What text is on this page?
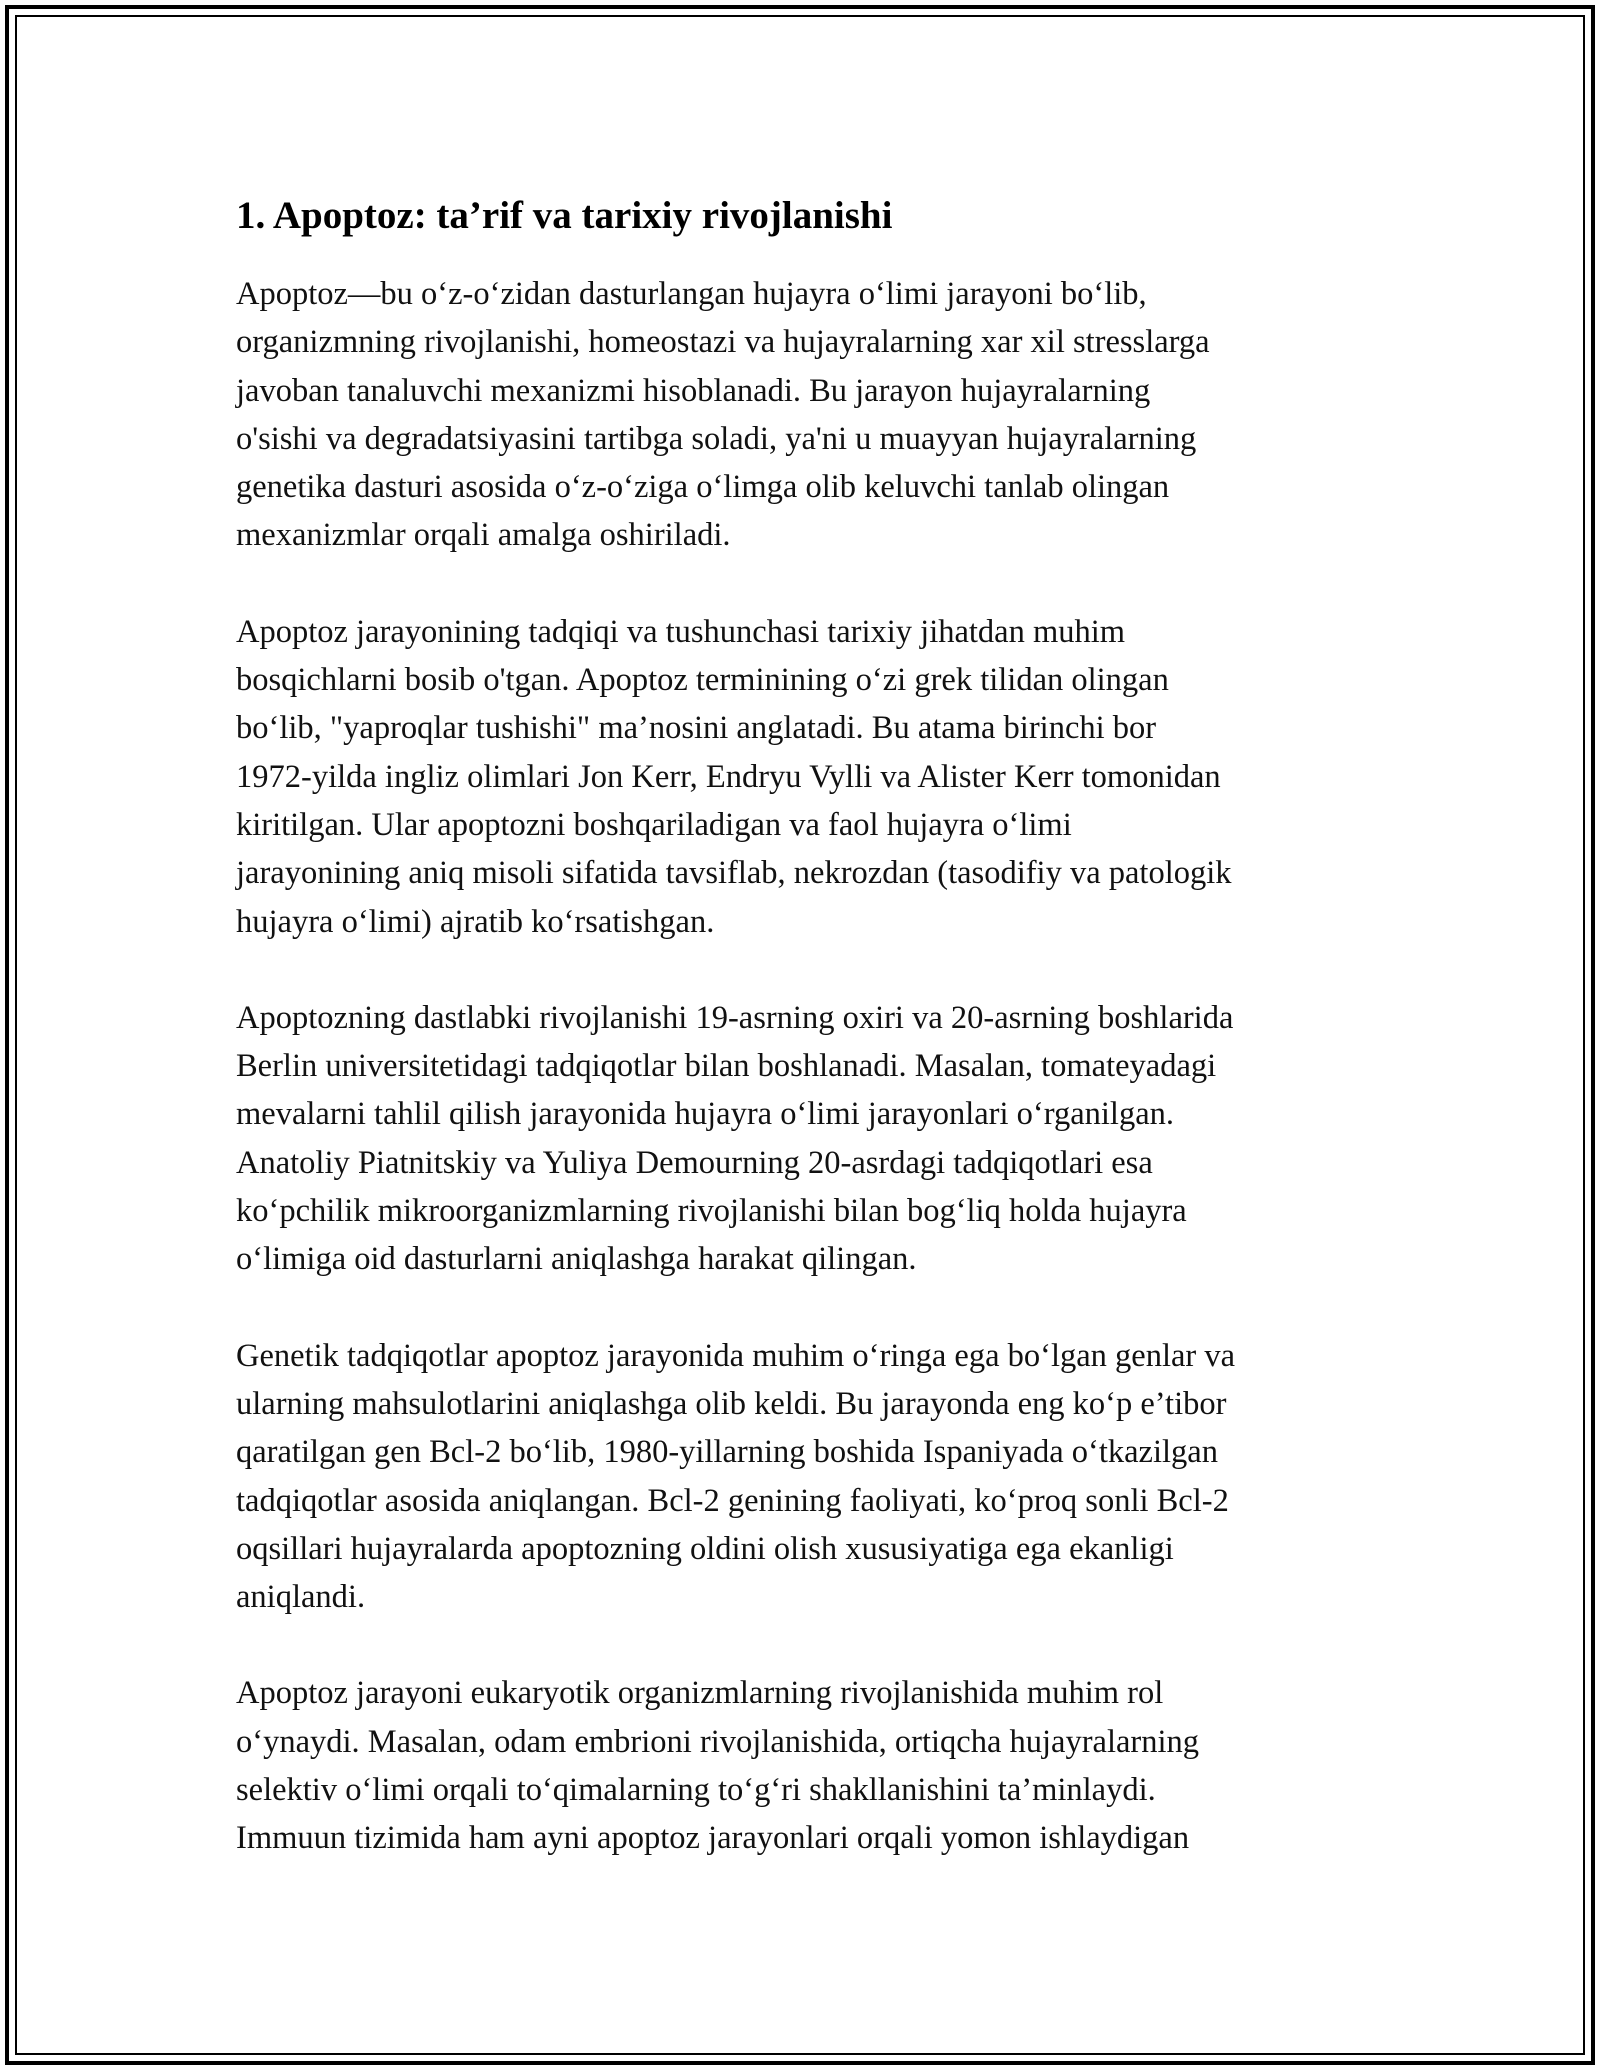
1. Apoptoz: ta’rif va tarixiy rivojlanishi

Apoptoz—bu o‘z-o‘zidan dasturlangan hujayra o‘limi jarayoni bo‘lib,
organizmning rivojlanishi, homeostazi va hujayralarning xar xil stresslarga
javoban tanaluvchi mexanizmi hisoblanadi. Bu jarayon hujayralarning
o'sishi va degradatsiyasini tartibga soladi, ya'ni u muayyan hujayralarning
genetika dasturi asosida o‘z-o‘ziga o‘limga olib keluvchi tanlab olingan
mexanizmlar orqali amalga oshiriladi.

Apoptoz jarayonining tadqiqi va tushunchasi tarixiy jihatdan muhim
bosqichlarni bosib o'tgan. Apoptoz terminining o‘zi grek tilidan olingan
bo‘lib, "yaproqlar tushishi" ma’nosini anglatadi. Bu atama birinchi bor
1972-yilda ingliz olimlari Jon Kerr, Endryu Vylli va Alister Kerr tomonidan
kiritilgan. Ular apoptozni boshqariladigan va faol hujayra o‘limi
jarayonining aniq misoli sifatida tavsiflab, nekrozdan (tasodifiy va patologik
hujayra o‘limi) ajratib ko‘rsatishgan.

Apoptozning dastlabki rivojlanishi 19-asrning oxiri va 20-asrning boshlarida
Berlin universitetidagi tadqiqotlar bilan boshlanadi. Masalan, tomateyadagi
mevalarni tahlil qilish jarayonida hujayra o‘limi jarayonlari o‘rganilgan.
Anatoliy Piatnitskiy va Yuliya Demourning 20-asrdagi tadqiqotlari esa
ko‘pchilik mikroorganizmlarning rivojlanishi bilan bog‘liq holda hujayra
o‘limiga oid dasturlarni aniqlashga harakat qilingan.

Genetik tadqiqotlar apoptoz jarayonida muhim o‘ringa ega bo‘lgan genlar va
ularning mahsulotlarini aniqlashga olib keldi. Bu jarayonda eng ko‘p e’tibor
qaratilgan gen Bcl-2 bo‘lib, 1980-yillarning boshida Ispaniyada o‘tkazilgan
tadqiqotlar asosida aniqlangan. Bcl-2 genining faoliyati, ko‘proq sonli Bcl-2
oqsillari hujayralarda apoptozning oldini olish xususiyatiga ega ekanligi
aniqlandi.

Apoptoz jarayoni eukaryotik organizmlarning rivojlanishida muhim rol
o‘ynaydi. Masalan, odam embrioni rivojlanishida, ortiqcha hujayralarning
selektiv o‘limi orqali to‘qimalarning to‘g‘ri shakllanishini ta’minlaydi.
Immuun tizimida ham ayni apoptoz jarayonlari orqali yomon ishlaydigan
